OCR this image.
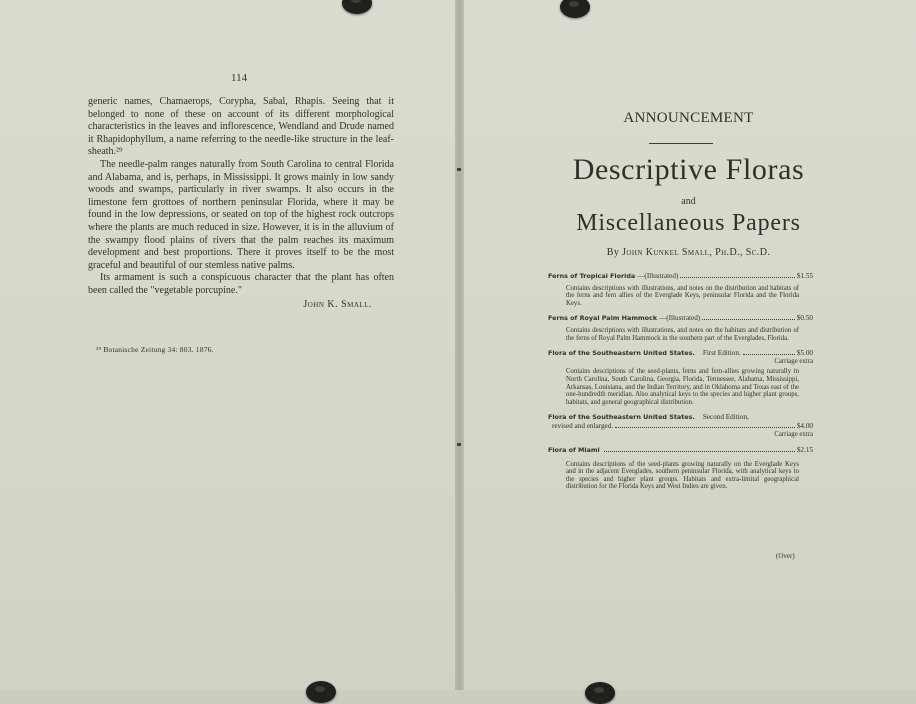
114

generic names, Chamaerops, Corypha, Sabal, Rhapis. Seeing that it belonged to none of these on account of its different morphological characteristics in the leaves and inflorescence, Wendland and Drude named it Rhapidophyllum, a name referring to the needle-like structure in the leaf-sheath.²⁹

The needle-palm ranges naturally from South Carolina to central Florida and Alabama, and is, perhaps, in Mississippi. It grows mainly in low sandy woods and swamps, particularly in river swamps. It also occurs in the limestone fern grottoes of northern peninsular Florida, where it may be found in the low depressions, or seated on top of the highest rock outcrops where the plants are much reduced in size. However, it is in the alluvium of the swampy flood plains of rivers that the palm reaches its maximum development and best proportions. There it proves itself to be the most graceful and beautiful of our stemless native palms.

Its armament is such a conspicuous character that the plant has often been called the "vegetable porcupine."

John K. Small.
²⁹ Botanische Zeitung 34: 803. 1876.
ANNOUNCEMENT
Descriptive Floras
and
Miscellaneous Papers
By John Kunkel Small, Ph.D., Sc.D.
Ferns of Tropical Florida —(Illustrated)	$1.55
Contains descriptions with illustrations, and notes on the distribution and habitats of the ferns and fern allies of the Everglade Keys, peninsular Florida and the Florida Keys.
Ferns of Royal Palm Hammock —(Illustrated)	$0.50
Contains descriptions with illustrations, and notes on the habitats and distribution of the ferns of Royal Palm Hammock in the southern part of the Everglades, Florida.
Flora of the Southeastern United States. First Edition.	$5.00
Carriage extra
Contains descriptions of the seed-plants, ferns and fern-allies growing naturally in North Carolina, South Carolina, Georgia, Florida, Tennessee, Alabama, Mississippi, Arkansas, Louisiana, and the Indian Territory, and in Oklahoma and Texas east of the one-hundredth meridian. Also analytical keys to the species and higher plant groups, habitats, and general geographical distribution.
Flora of the Southeastern United States. Second Edition,
revised and enlarged.	$4.00
Carriage extra
Flora of Miami	$2.15
Contains descriptions of the seed-plants growing naturally on the Everglade Keys and in the adjacent Everglades, southern peninsular Florida, with analytical keys to the species and higher plant groups. Habitats and extra-limital geographical distribution for the Florida Keys and West Indies are given.
(Over)
